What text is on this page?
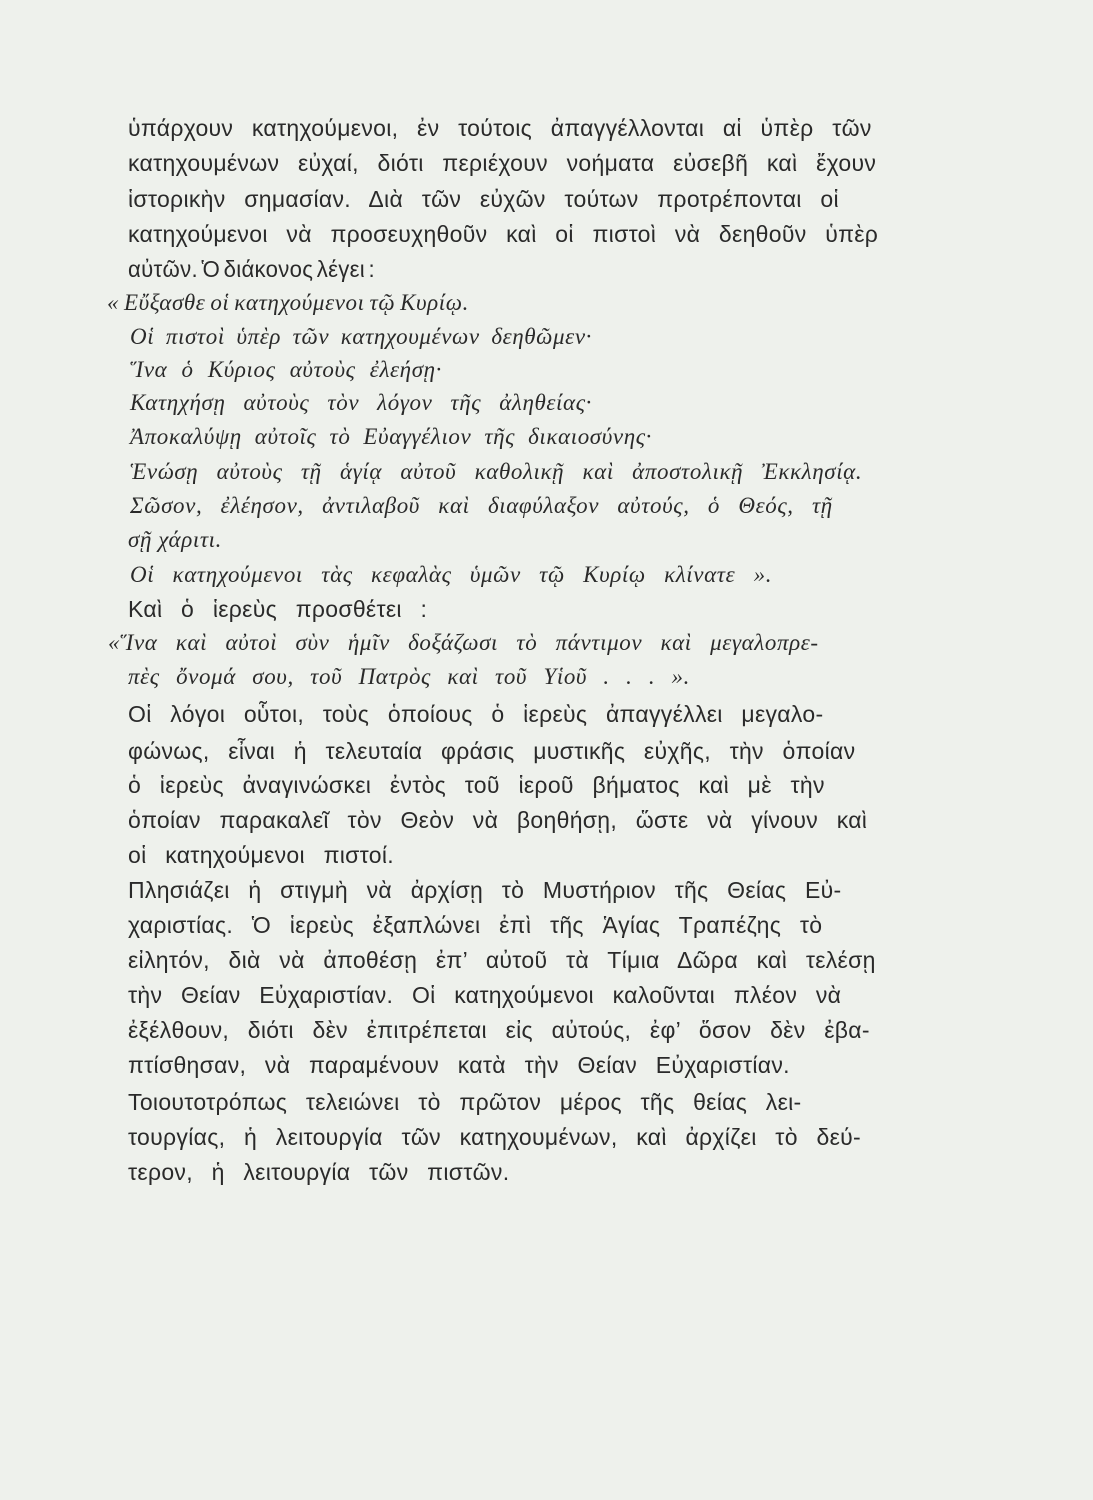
ὑπάρχουν κατηχούμενοι, ἐν τούτοις ἀπαγγέλλονται αἱ ὑπὲρ τῶν
κατηχουμένων εὐχαί, διότι περιέχουν νοήματα εὐσεβῆ καὶ ἔχουν
ἱστορικὴν σημασίαν. Διὰ τῶν εὐχῶν τούτων προτρέπονται οἱ
κατηχούμενοι νὰ προσευχηθοῦν καὶ οἱ πιστοὶ νὰ δεηθοῦν ὑπὲρ
αὐτῶν. Ὁ διάκονος λέγει :
« Εὔξασθε οἱ κατηχούμενοι τῷ Κυρίῳ.
Οἱ πιστοὶ ὑπὲρ τῶν κατηχουμένων δεηθῶμεν·
Ἵνα ὁ Κύριος αὐτοὺς ἐλεήσῃ·
Κατηχήσῃ αὐτοὺς τὸν λόγον τῆς ἀληθείας·
Ἀποκαλύψῃ αὐτοῖς τὸ Εὐαγγέλιον τῆς δικαιοσύνης·
Ἑνώσῃ αὐτοὺς τῇ ἁγίᾳ αὐτοῦ καθολικῇ καὶ ἀποστολικῇ Ἐκκλησίᾳ.
Σῶσον, ἐλέησον, ἀντιλαβοῦ καὶ διαφύλαξον αὐτούς, ὁ Θεός, τῇ
σῇ χάριτι.
Οἱ κατηχούμενοι τὰς κεφαλὰς ὑμῶν τῷ Κυρίῳ κλίνατε ».
Καὶ ὁ ἱερεὺς προσθέτει :
«Ἵνα καὶ αὐτοὶ σὺν ἡμῖν δοξάζωσι τὸ πάντιμον καὶ μεγαλοπρε-
πὲς ὄνομά σου, τοῦ Πατρὸς καὶ τοῦ Υἱοῦ . . . ».
Οἱ λόγοι οὗτοι, τοὺς ὁποίους ὁ ἱερεὺς ἀπαγγέλλει μεγαλο-
φώνως, εἶναι ἡ τελευταία φράσις μυστικῆς εὐχῆς, τὴν ὁποίαν
ὁ ἱερεὺς ἀναγινώσκει ἐντὸς τοῦ ἱεροῦ βήματος καὶ μὲ τὴν
ὁποίαν παρακαλεῖ τὸν Θεὸν νὰ βοηθήσῃ, ὥστε νὰ γίνουν καὶ
οἱ κατηχούμενοι πιστοί.
Πλησιάζει ἡ στιγμὴ νὰ ἀρχίσῃ τὸ Μυστήριον τῆς Θείας Εὐ-
χαριστίας. Ὁ ἱερεὺς ἐξαπλώνει ἐπὶ τῆς Ἁγίας Τραπέζης τὸ
εἰλητόν, διὰ νὰ ἀποθέσῃ ἐπ’ αὐτοῦ τὰ Τίμια Δῶρα καὶ τελέσῃ
τὴν Θείαν Εὐχαριστίαν. Οἱ κατηχούμενοι καλοῦνται πλέον νὰ
ἐξέλθουν, διότι δὲν ἐπιτρέπεται εἰς αὐτούς, ἐφ’ ὅσον δὲν ἐβα-
πτίσθησαν, νὰ παραμένουν κατὰ τὴν Θείαν Εὐχαριστίαν.
Τοιουτοτρόπως τελειώνει τὸ πρῶτον μέρος τῆς θείας λει-
τουργίας, ἡ λειτουργία τῶν κατηχουμένων, καὶ ἀρχίζει τὸ δεύ-
τερον, ἡ λειτουργία τῶν πιστῶν.
